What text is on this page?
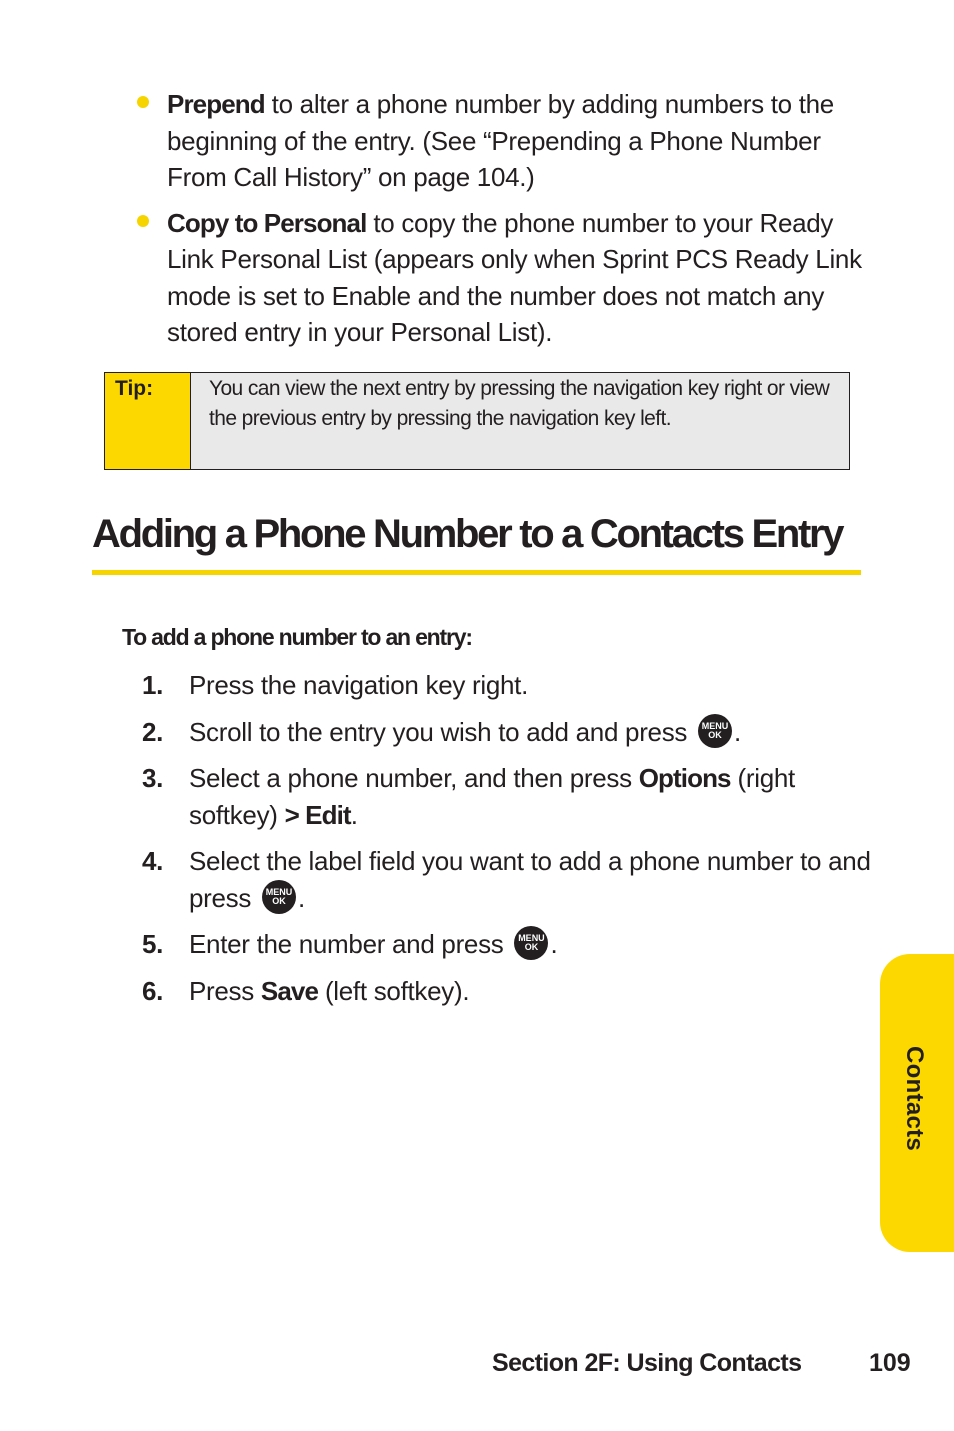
Prepend to alter a phone number by adding numbers to the beginning of the entry. (See “Prepending a Phone Number From Call History” on page 104.)
Copy to Personal to copy the phone number to your Ready Link Personal List (appears only when Sprint PCS Ready Link mode is set to Enable and the number does not match any stored entry in your Personal List).
Tip:	You can view the next entry by pressing the navigation key right or view the previous entry by pressing the navigation key left.
Adding a Phone Number to a Contacts Entry
To add a phone number to an entry:
1. Press the navigation key right.
2. Scroll to the entry you wish to add and press MENU
OK .
3. Select a phone number, and then press Options (right softkey) > Edit.
4. Select the label field you want to add a phone number to and press MENU
OK .
5. Enter the number and press MENU
OK .
6. Press Save (left softkey).
Contacts
Section 2F: Using Contacts	109
